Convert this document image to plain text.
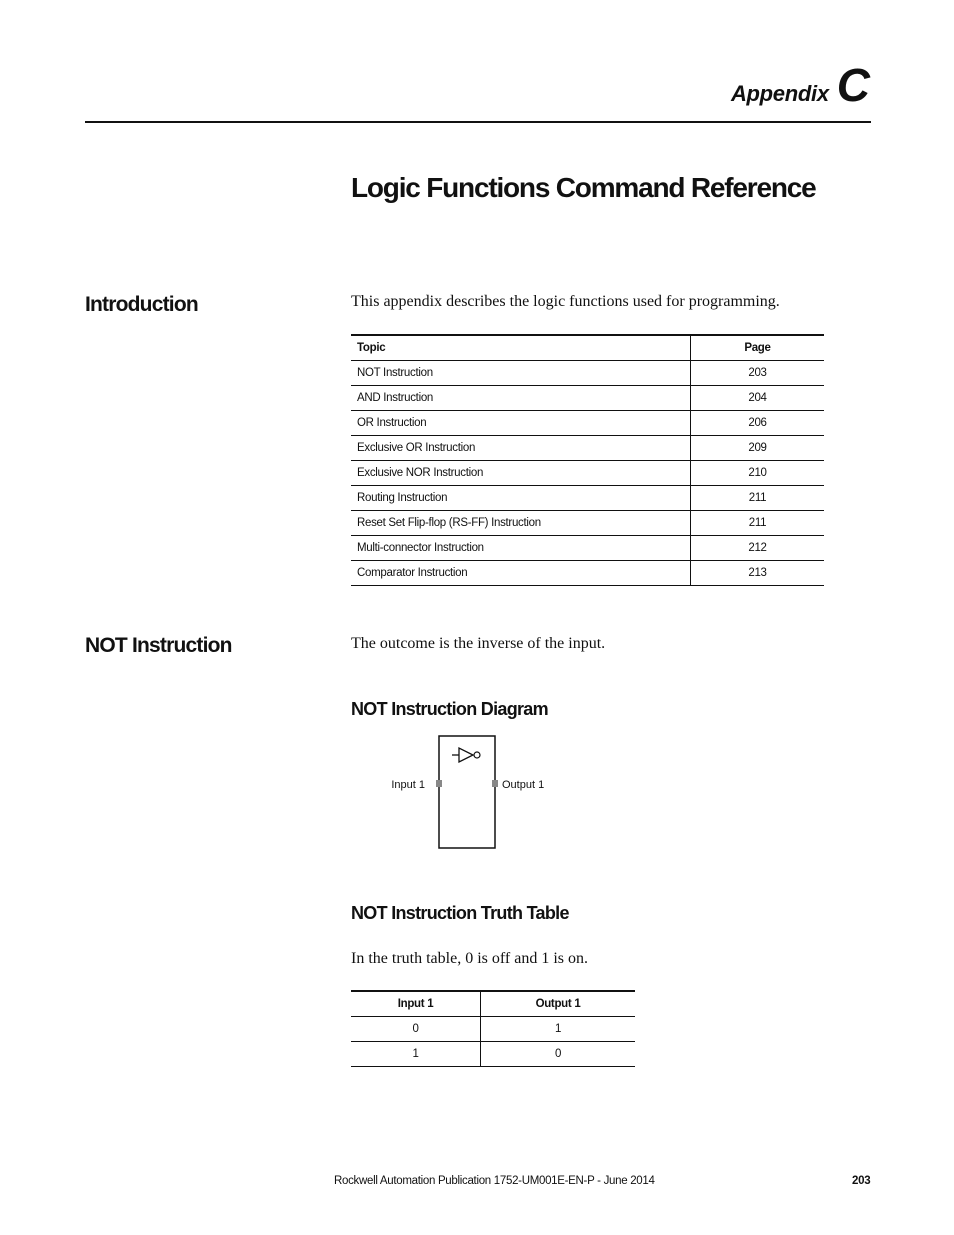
Appendix C
Logic Functions Command Reference
Introduction	This appendix describes the logic functions used for programming.
Topic	Page
NOT Instruction	203
AND Instruction	204
OR Instruction	206
Exclusive OR Instruction	209
Exclusive NOR Instruction	210
Routing Instruction	211
Reset Set Flip-flop (RS-FF) Instruction	211
Multi-connector Instruction	212
Comparator Instruction	213
NOT Instruction	The outcome is the inverse of the input.
NOT Instruction Diagram
Input 1	Output 1
NOT Instruction Truth Table
In the truth table, 0 is off and 1 is on.
Input 1	Output 1
0	1
1	0
Rockwell Automation Publication 1752-UM001E-EN-P - June 2014	203
